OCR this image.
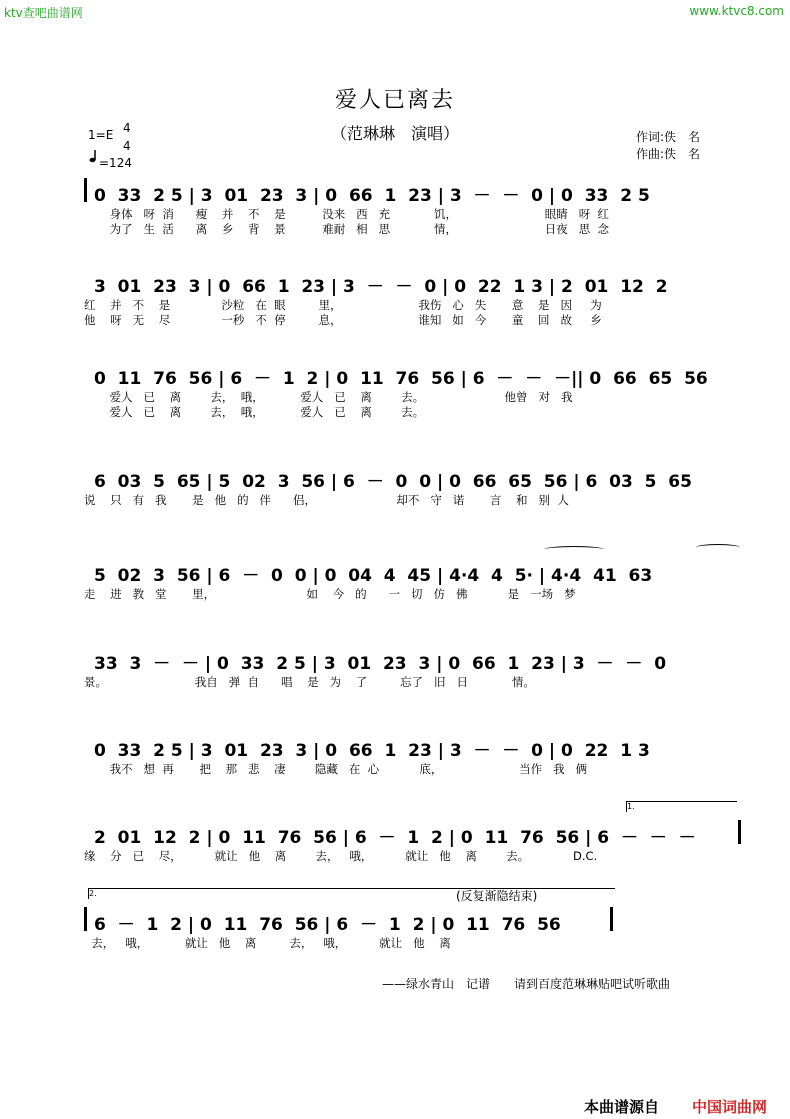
ktv查吧曲谱网	www.ktvc8.com
爱人已离去
（范琳琳　演唱）	作词:佚　名
作曲:佚　名
1=E 4
4
=124
0  33  2 5 | 3  01  23  3 | 0  66  1  23 | 3  －  －  0 | 0  33  2 5
身体   呀  消      瘦    并    不    是          没来   西   充            饥，                        眼睛   呀  红
为了   生  活      离    乡    背    景          难耐   相   思            情，                        日夜   思  念
3  01  23  3 | 0  66  1  23 | 3  －  －  0 | 0  22  1 3 | 2  01  12  2
红    并   不    是              沙粒   在  眼         里，                     我伤   心   失       意    是   因     为
他    呀   无    尽              一秒   不  停         息，                     谁知   如   今       童    回   故     乡
0  11  76  56 | 6  －  1  2 | 0  11  76  56 | 6  －  －  －|| 0  66  65  56
爱人   已    离        去，  哦，          爱人   已    离        去。                      他曾   对   我
爱人   已    离        去，  哦，          爱人   已    离        去。
6  03  5  65 | 5  02  3  56 | 6  －  0  0 | 0  66  65  56 | 6  03  5  65
说    只   有   我       是   他   的   伴      侣，                      却不   守   诺       言    和   别  人
5  02  3  56 | 6  －  0  0 | 0  04  4  45 | 4·4  4  5· | 4·4  41  63
走    进   教   堂       里，                         如    今   的      一   切   仿   佛           是   一场   梦
33  3  －  － | 0  33  2 5 | 3  01  23  3 | 0  66  1  23 | 3  －  －  0
景。                        我自   弹  自      唱    是   为    了         忘了   旧   日            情。
0  33  2 5 | 3  01  23  3 | 0  66  1  23 | 3  －  －  0 | 0  22  1 3
我不   想  再       把    那   悲    凄        隐藏   在  心           底，                     当作   我   俩
1.
2  01  12  2 | 0  11  76  56 | 6  －  1  2 | 0  11  76  56 | 6  －  －  －
缘    分   已    尽，         就让   他    离        去，   哦，         就让   他    离        去。            D.C.
2.	(反复渐隐结束)
6  －  1  2 | 0  11  76  56 | 6  －  1  2 | 0  11  76  56
去，   哦，          就让   他    离         去，   哦，         就让   他    离
——绿水青山　记谱　　请到百度范琳琳贴吧试听歌曲
本曲谱源自 中国词曲网
